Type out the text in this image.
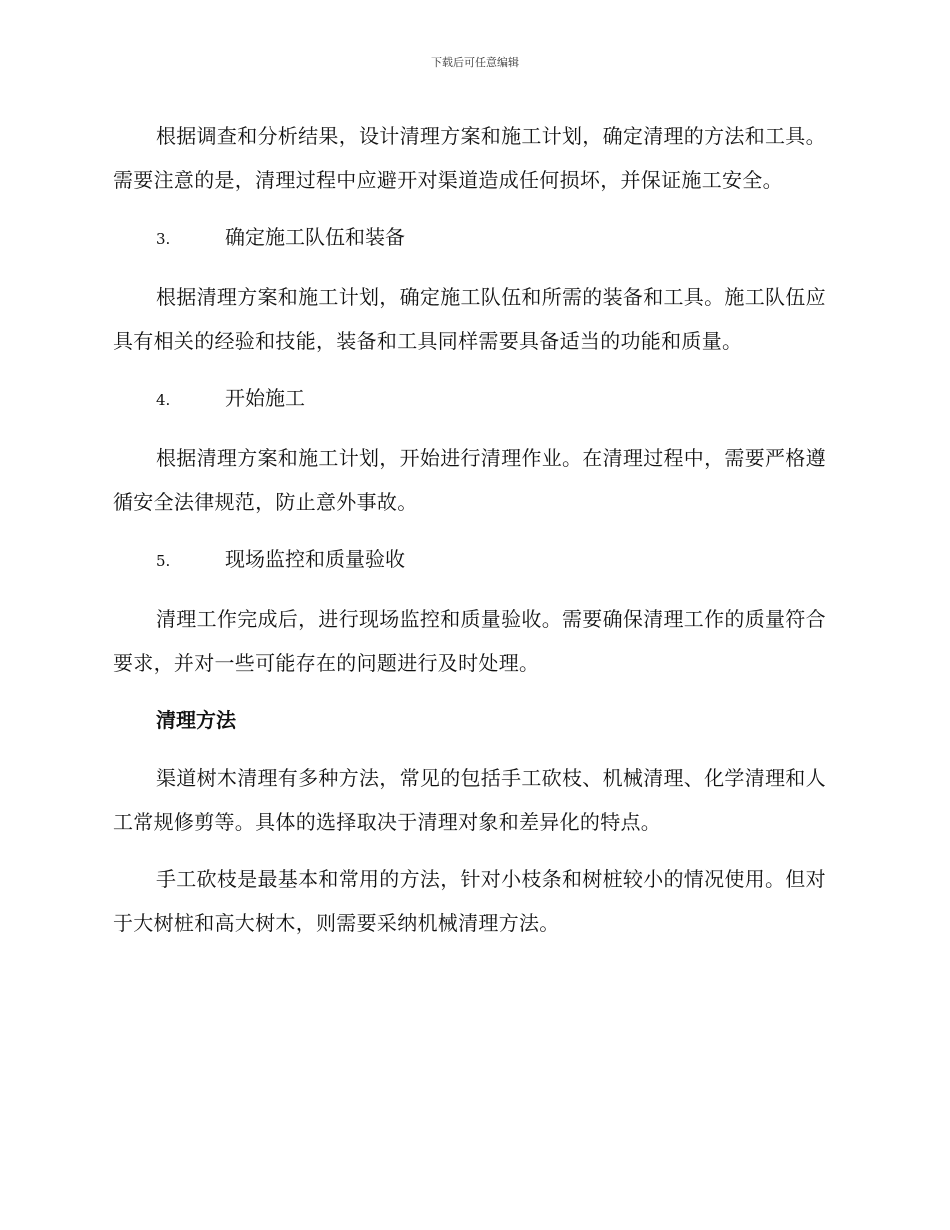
下载后可任意编辑

根据调查和分析结果，设计清理方案和施工计划，确定清理的方法和工具。需要注意的是，清理过程中应避开对渠道造成任何损坏，并保证施工安全。

3.	确定施工队伍和装备

根据清理方案和施工计划，确定施工队伍和所需的装备和工具。施工队伍应具有相关的经验和技能，装备和工具同样需要具备适当的功能和质量。

4.	开始施工

根据清理方案和施工计划，开始进行清理作业。在清理过程中，需要严格遵循安全法律规范，防止意外事故。

5.	现场监控和质量验收

清理工作完成后，进行现场监控和质量验收。需要确保清理工作的质量符合要求，并对一些可能存在的问题进行及时处理。

清理方法

渠道树木清理有多种方法，常见的包括手工砍枝、机械清理、化学清理和人工常规修剪等。具体的选择取决于清理对象和差异化的特点。

手工砍枝是最基本和常用的方法，针对小枝条和树桩较小的情况使用。但对于大树桩和高大树木，则需要采纳机械清理方法。
